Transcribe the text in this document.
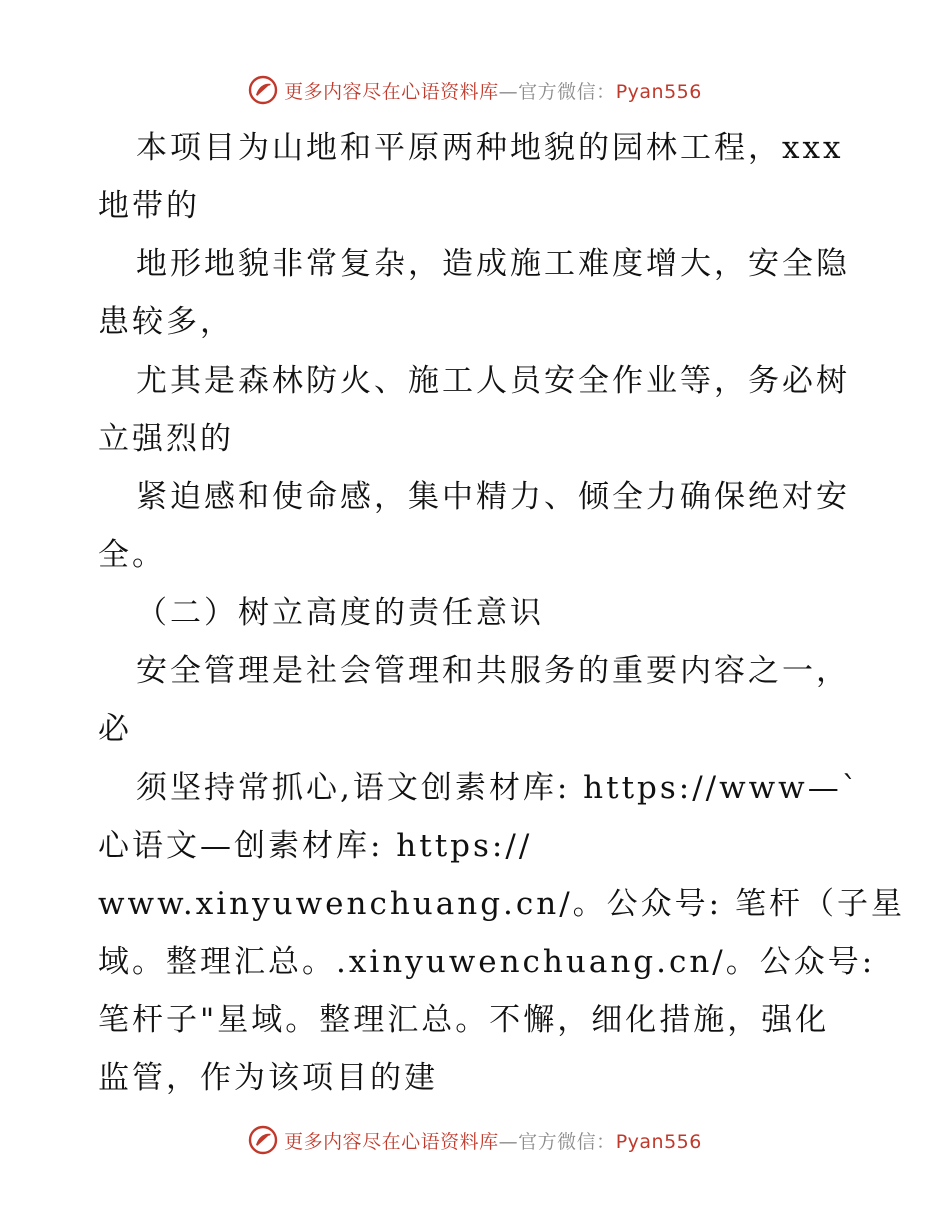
更多内容尽在心语资料库—官方微信：Pyan556
本项目为山地和平原两种地貌的园林工程，xxx
地带的
地形地貌非常复杂，造成施工难度增大，安全隐
患较多，
尤其是森林防火、施工人员安全作业等，务必树
立强烈的
紧迫感和使命感，集中精力、倾全力确保绝对安
全。
（二）树立高度的责任意识
安全管理是社会管理和共服务的重要内容之一，
必
须坚持常抓心,语文创素材库: https://www—`
心语文—创素材库: https://
www.xinyuwenchuang.cn/。公众号: 笔杆（子星
域。整理汇总。.xinyuwenchuang.cn/。公众号:
笔杆子"星域。整理汇总。不懈，细化措施，强化
监管，作为该项目的建
更多内容尽在心语资料库—官方微信：Pyan556
